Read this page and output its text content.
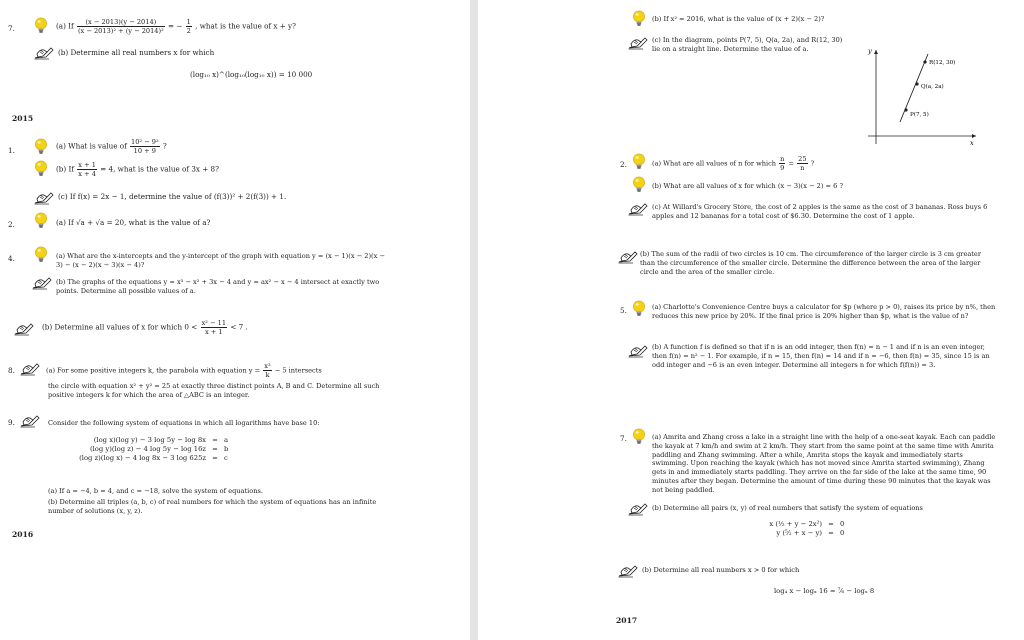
7.	(a) If $\frac{(x - 2013)(y - 2014)}{\text{(x − 2013)² + (y − 2014)²}}$ = − $\frac{1}{2}$ , what is the value of x + y?
(b) Determine all real numbers x for which
(log₁₀ x)^(log₁₀(log₁₀ x)) = 10 000
2015
1.	(a) What is value of $\frac{\text{10² − 9²}}{10 + 9}$ ?
(b) If $\frac{x + 1}{x + 4} = 4$, what is the value of 3x + 8?
(c) If f(x) = 2x − 1, determine the value of (f(3))² + 2(f(3)) + 1.
2.	(a) If √a + √a = 20, what is the value of a?
4.	(a) What are the x-intercepts and the y-intercept of the graph with equation y = (x − 1)(x − 2)(x − 3) − (x − 2)(x − 3)(x − 4)?
(b) The graphs of the equations y = x³ − x² + 3x − 4 and y = ax² − x − 4 intersect at exactly two points. Determine all possible values of a.
(b) Determine all values of x for which $0 < \frac{\text{x² − 11}}{x + 1} < 7$ .
8.	(a) For some positive integers k, the parabola with equation $y = \frac{\text{x²}}{k} - 5$ intersects
the circle with equation x² + y² = 25 at exactly three distinct points A, B and C. Determine all such positive integers k for which the area of △ABC is an integer.
9.	Consider the following system of equations in which all logarithms have base 10:
(log x)(log y) − 3 log 5y − log 8x = a
(log y)(log z) − 4 log 5y − log 16z = b
(log z)(log x) − 4 log 8x − 3 log 625z = c
(a) If a = −4, b = 4, and c = −18, solve the system of equations.
(b) Determine all triples (a, b, c) of real numbers for which the system of equations has an infinite number of solutions (x, y, z).
2016
(b) If x² = 2016, what is the value of (x + 2)(x − 2)?
(c) In the diagram, points P(7, 5), Q(a, 2a), and R(12, 30) lie on a straight line. Determine the value of a.	y
x
R(12, 30)
Q(a, 2a)
P(7, 5)
2.	(a) What are all values of n for which $\frac{n}{9} = \frac{25}{n}$ ?
(b) What are all values of x for which (x − 3)(x − 2) = 6 ?
(c) At Willard's Grocery Store, the cost of 2 apples is the same as the cost of 3 bananas. Ross buys 6 apples and 12 bananas for a total cost of $6.30. Determine the cost of 1 apple.
(b) The sum of the radii of two circles is 10 cm. The circumference of the larger circle is 3 cm greater than the circumference of the smaller circle. Determine the difference between the area of the larger circle and the area of the smaller circle.
5.	(a) Charlotte's Convenience Centre buys a calculator for $p (where p > 0), raises its price by n%, then reduces this new price by 20%. If the final price is 20% higher than $p, what is the value of n?
(b) A function f is defined so that if n is an odd integer, then f(n) = n − 1 and if n is an even integer, then f(n) = n² − 1. For example, if n = 15, then f(n) = 14 and if n = −6, then f(n) = 35, since 15 is an odd integer and −6 is an even integer. Determine all integers n for which f(f(n)) = 3.
7.	(a) Amrita and Zhang cross a lake in a straight line with the help of a one-seat kayak. Each can paddle the kayak at 7 km/h and swim at 2 km/h. They start from the same point at the same time with Amrita paddling and Zhang swimming. After a while, Amrita stops the kayak and immediately starts swimming. Upon reaching the kayak (which has not moved since Amrita started swimming), Zhang gets in and immediately starts paddling. They arrive on the far side of the lake at the same time, 90 minutes after they began. Determine the amount of time during these 90 minutes that the kayak was not being paddled.
(b) Determine all pairs (x, y) of real numbers that satisfy the system of equations
x (½ + y − 2x²) = 0
y (⁵⁄₂ + x − y) = 0
(b) Determine all real numbers x > 0 for which
log₄ x − logₓ 16 = ⁷⁄₆ − logₓ 8
2017
